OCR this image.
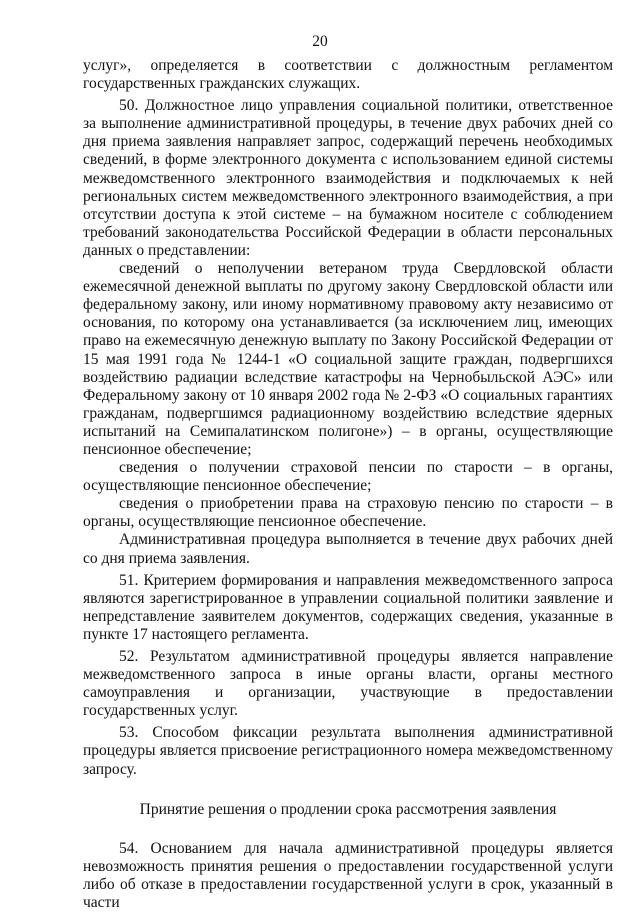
20

услуг», определяется в соответствии с должностным регламентом государственных гражданских служащих.

50. Должностное лицо управления социальной политики, ответственное за выполнение административной процедуры, в течение двух рабочих дней со дня приема заявления направляет запрос, содержащий перечень необходимых сведений, в форме электронного документа с использованием единой системы межведомственного электронного взаимодействия и подключаемых к ней региональных систем межведомственного электронного взаимодействия, а при отсутствии доступа к этой системе – на бумажном носителе с соблюдением требований законодательства Российской Федерации в области персональных данных о представлении:

сведений о неполучении ветераном труда Свердловской области ежемесячной денежной выплаты по другому закону Свердловской области или федеральному закону, или иному нормативному правовому акту независимо от основания, по которому она устанавливается (за исключением лиц, имеющих право на ежемесячную денежную выплату по Закону Российской Федерации от 15 мая 1991 года № 1244-1 «О социальной защите граждан, подвергшихся воздействию радиации вследствие катастрофы на Чернобыльской АЭС» или Федеральному закону от 10 января 2002 года № 2-ФЗ «О социальных гарантиях гражданам, подвергшимся радиационному воздействию вследствие ядерных испытаний на Семипалатинском полигоне») – в органы, осуществляющие пенсионное обеспечение;

сведения о получении страховой пенсии по старости – в органы, осуществляющие пенсионное обеспечение;

сведения о приобретении права на страховую пенсию по старости – в органы, осуществляющие пенсионное обеспечение.

Административная процедура выполняется в течение двух рабочих дней со дня приема заявления.

51. Критерием формирования и направления межведомственного запроса являются зарегистрированное в управлении социальной политики заявление и непредставление заявителем документов, содержащих сведения, указанные в пункте 17 настоящего регламента.

52. Результатом административной процедуры является направление межведомственного запроса в иные органы власти, органы местного самоуправления и организации, участвующие в предоставлении государственных услуг.

53. Способом фиксации результата выполнения административной процедуры является присвоение регистрационного номера межведомственному запросу.

Принятие решения о продлении срока рассмотрения заявления

54. Основанием для начала административной процедуры является невозможность принятия решения о предоставлении государственной услуги либо об отказе в предоставлении государственной услуги в срок, указанный в части
